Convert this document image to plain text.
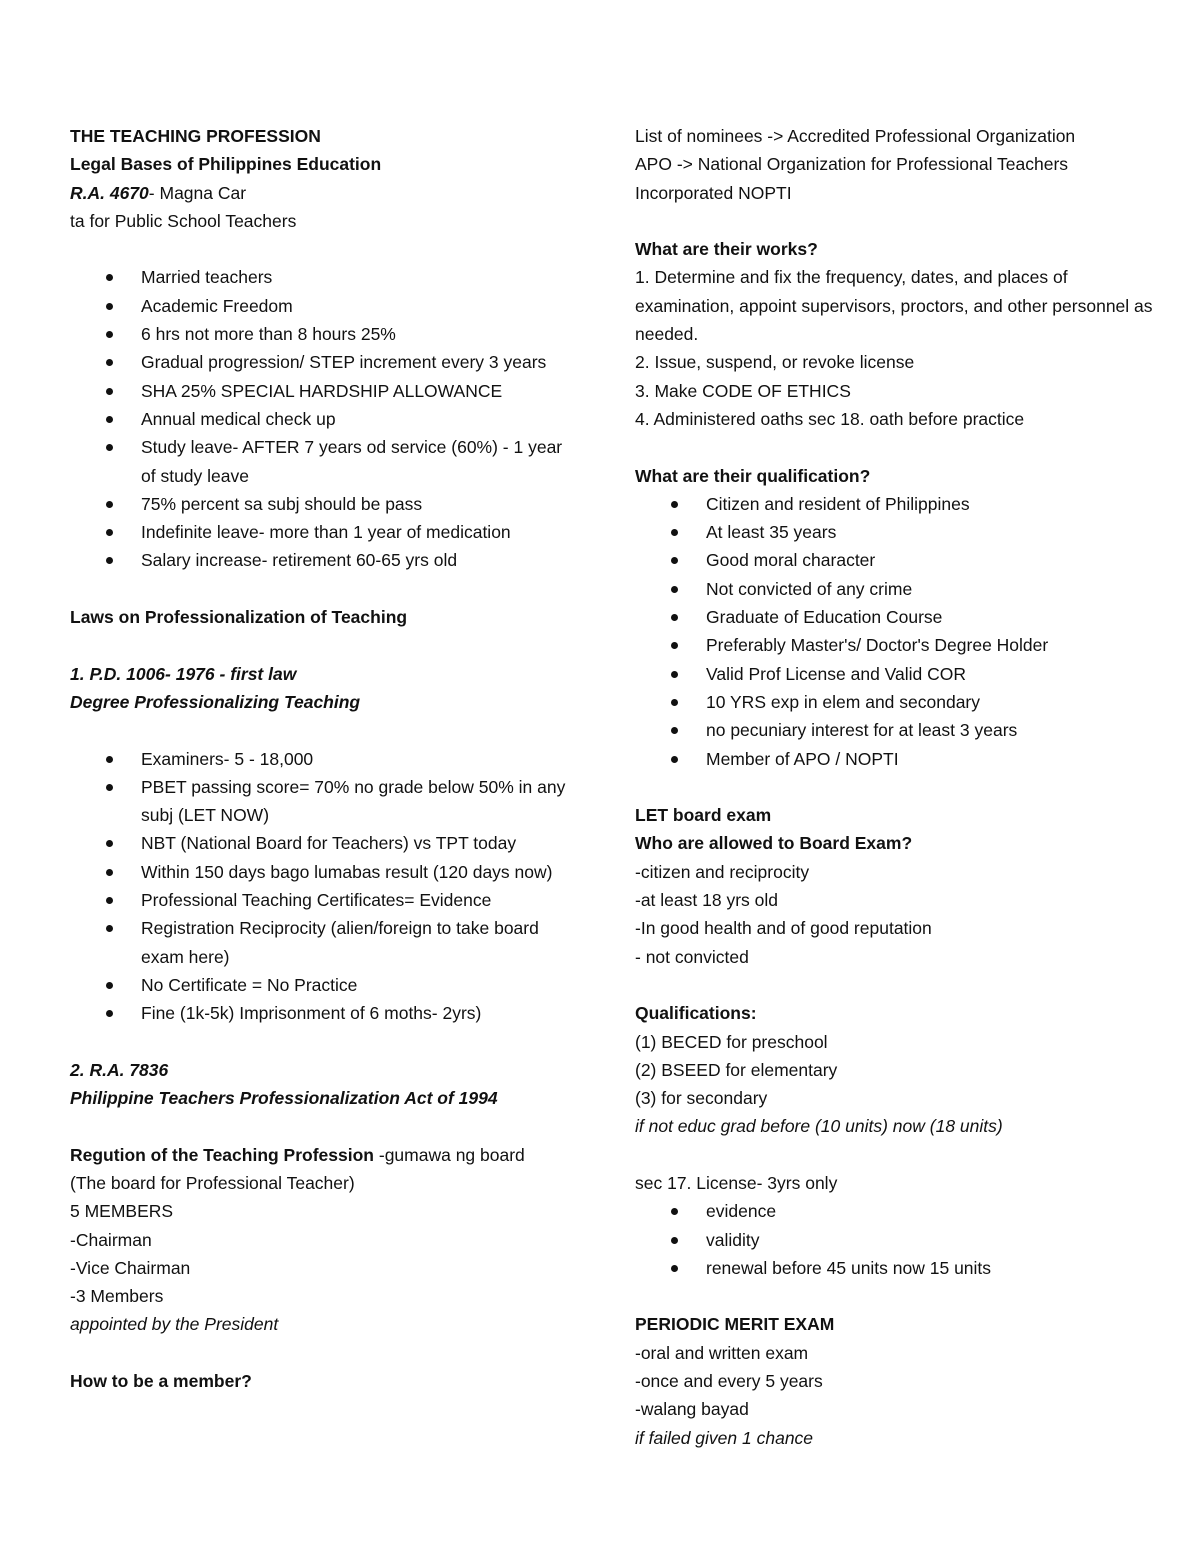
THE TEACHING PROFESSION
Legal Bases of Philippines Education
R.A. 4670- Magna Car
ta for Public School Teachers
Married teachers
Academic Freedom
6 hrs not more than 8 hours 25%
Gradual progression/ STEP increment every 3 years
SHA 25% SPECIAL HARDSHIP ALLOWANCE
Annual medical check up
Study leave- AFTER 7 years od service (60%) - 1 year of study leave
75% percent sa subj should be pass
Indefinite leave- more than 1 year of medication
Salary increase- retirement 60-65 yrs old
Laws on Professionalization of Teaching
1. P.D. 1006- 1976 - first law
Degree Professionalizing Teaching
Examiners- 5 - 18,000
PBET passing score= 70% no grade below 50% in any subj (LET NOW)
NBT (National Board for Teachers) vs TPT today
Within 150 days bago lumabas result (120 days now)
Professional Teaching Certificates= Evidence
Registration Reciprocity (alien/foreign to take board exam here)
No Certificate = No Practice
Fine (1k-5k) Imprisonment of 6 moths- 2yrs)
2. R.A. 7836
Philippine Teachers Professionalization Act of 1994
Regution of the Teaching Profession -gumawa ng board
(The board for Professional Teacher)
5 MEMBERS
-Chairman
-Vice Chairman
-3 Members
appointed by the President
How to be a member?
List of nominees -> Accredited Professional Organization
APO -> National Organization for Professional Teachers
Incorporated NOPTI
What are their works?
1. Determine and fix the frequency, dates, and places of examination, appoint supervisors, proctors, and other personnel as needed.
2. Issue, suspend, or revoke license
3. Make CODE OF ETHICS
4. Administered oaths sec 18. oath before practice
What are their qualification?
Citizen and resident of Philippines
At least 35 years
Good moral character
Not convicted of any crime
Graduate of Education Course
Preferably Master's/ Doctor's Degree Holder
Valid Prof License and Valid COR
10 YRS exp in elem and secondary
no pecuniary interest for at least 3 years
Member of APO / NOPTI
LET board exam
Who are allowed to Board Exam?
-citizen and reciprocity
-at least 18 yrs old
-In good health and of good reputation
- not convicted
Qualifications:
(1) BECED for preschool
(2) BSEED for elementary
(3) for secondary
if not educ grad before (10 units) now (18 units)
sec 17. License- 3yrs only
evidence
validity
renewal before 45 units now 15 units
PERIODIC MERIT EXAM
-oral and written exam
-once and every 5 years
-walang bayad
if failed given 1 chance
